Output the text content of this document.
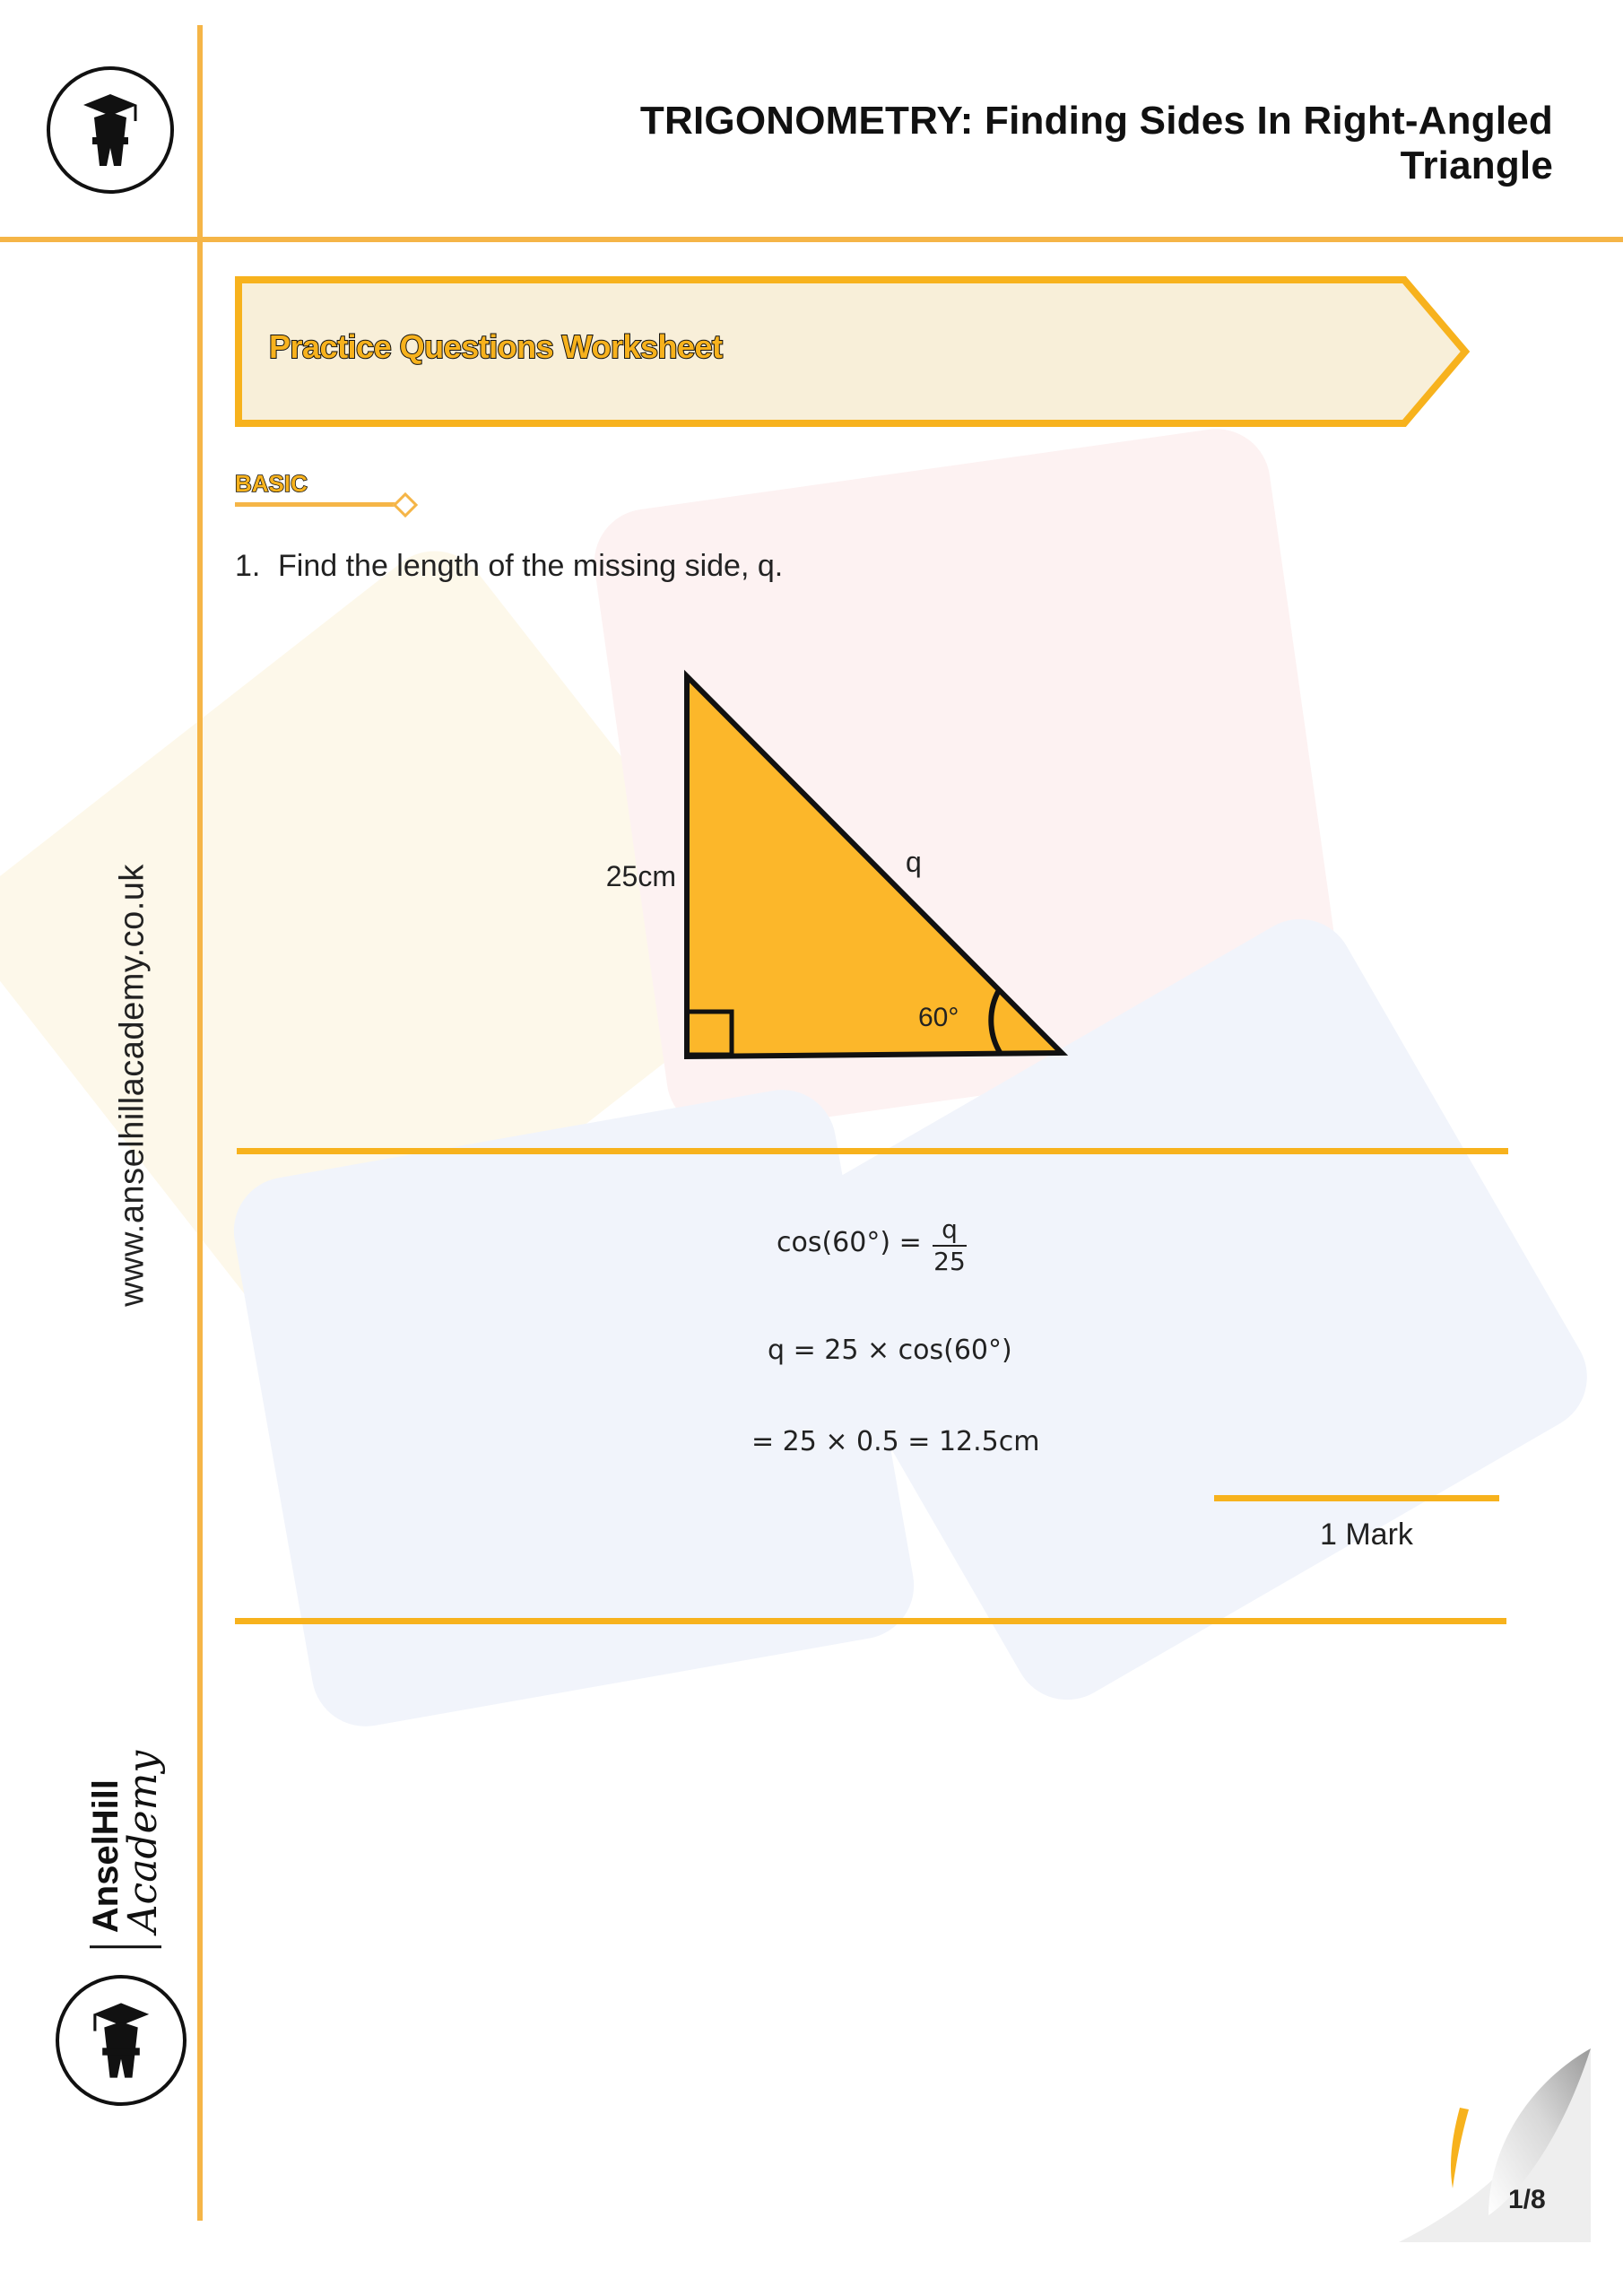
TRIGONOMETRY: Finding Sides In Right-Angled Triangle
Practice Questions Worksheet
BASIC
1. Find the length of the missing side, q.
25cm	q
60°
cos(60°) = q
25
q = 25 × cos(60°)
= 25 × 0.5 = 12.5cm
1 Mark
www.anselhillacademy.co.uk
AnselHill
Academy
1/8
